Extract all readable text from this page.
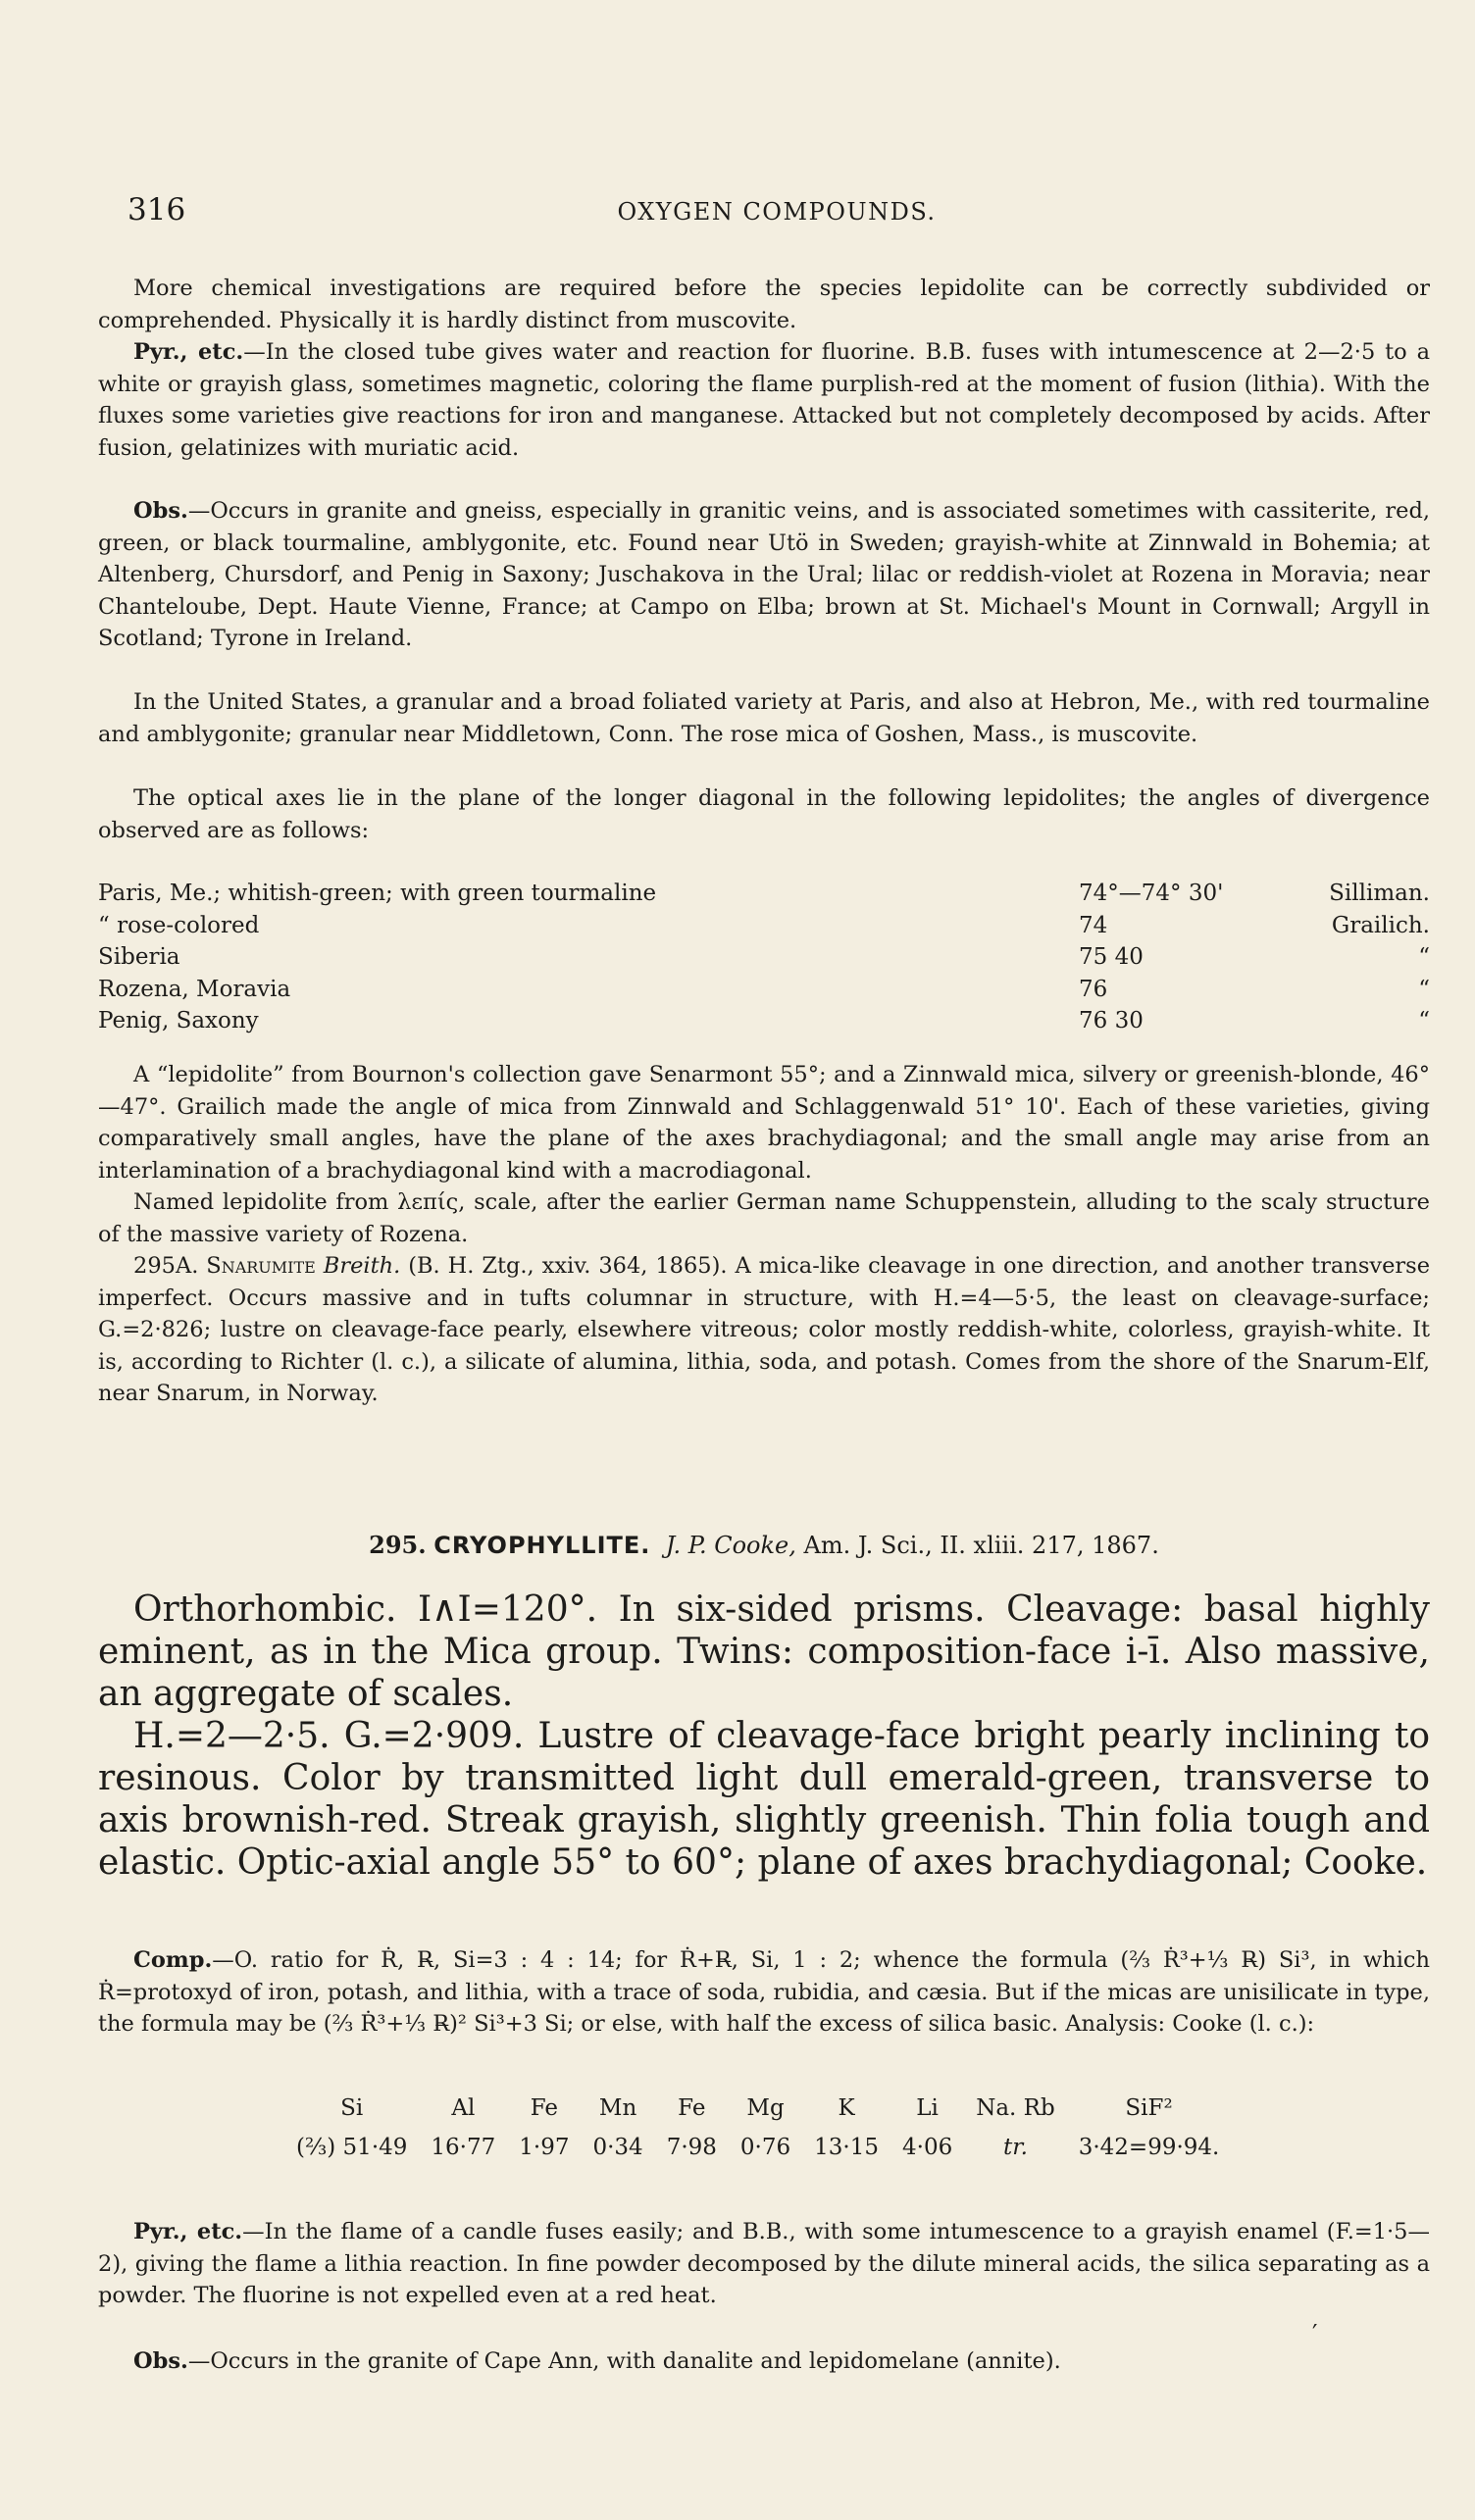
316	OXYGEN COMPOUNDS.

More chemical investigations are required before the species lepidolite can be correctly subdivided or comprehended. Physically it is hardly distinct from muscovite.

Pyr., etc.—In the closed tube gives water and reaction for fluorine. B.B. fuses with intumescence at 2—2·5 to a white or grayish glass, sometimes magnetic, coloring the flame purplish-red at the moment of fusion (lithia). With the fluxes some varieties give reactions for iron and manganese. Attacked but not completely decomposed by acids. After fusion, gelatinizes with muriatic acid.

Obs.—Occurs in granite and gneiss, especially in granitic veins, and is associated sometimes with cassiterite, red, green, or black tourmaline, amblygonite, etc. Found near Utö in Sweden; grayish-white at Zinnwald in Bohemia; at Altenberg, Chursdorf, and Penig in Saxony; Juschakova in the Ural; lilac or reddish-violet at Rozena in Moravia; near Chanteloube, Dept. Haute Vienne, France; at Campo on Elba; brown at St. Michael's Mount in Cornwall; Argyll in Scotland; Tyrone in Ireland.

In the United States, a granular and a broad foliated variety at Paris, and also at Hebron, Me., with red tourmaline and amblygonite; granular near Middletown, Conn. The rose mica of Goshen, Mass., is muscovite.

The optical axes lie in the plane of the longer diagonal in the following lepidolites; the angles of divergence observed are as follows:

Paris, Me.; whitish-green; with green tourmaline	74°—74° 30'	Silliman.
“ rose-colored	74	Grailich.
Siberia	75 40	“
Rozena, Moravia	76	“
Penig, Saxony	76 30	“

A “lepidolite” from Bournon's collection gave Senarmont 55°; and a Zinnwald mica, silvery or greenish-blonde, 46°—47°. Grailich made the angle of mica from Zinnwald and Schlaggenwald 51° 10'. Each of these varieties, giving comparatively small angles, have the plane of the axes brachydiagonal; and the small angle may arise from an interlamination of a brachydiagonal kind with a macrodiagonal.

Named lepidolite from λεπίς, scale, after the earlier German name Schuppenstein, alluding to the scaly structure of the massive variety of Rozena.

295A. Snarumite Breith. (B. H. Ztg., xxiv. 364, 1865). A mica-like cleavage in one direction, and another transverse imperfect. Occurs massive and in tufts columnar in structure, with H.=4—5·5, the least on cleavage-surface; G.=2·826; lustre on cleavage-face pearly, elsewhere vitreous; color mostly reddish-white, colorless, grayish-white. It is, according to Richter (l. c.), a silicate of alumina, lithia, soda, and potash. Comes from the shore of the Snarum-Elf, near Snarum, in Norway.

295. CRYOPHYLLITE. J. P. Cooke, Am. J. Sci., II. xliii. 217, 1867.

Orthorhombic. I∧I=120°. In six-sided prisms. Cleavage: basal highly eminent, as in the Mica group. Twins: composition-face i-ī. Also massive, an aggregate of scales.

H.=2—2·5. G.=2·909. Lustre of cleavage-face bright pearly inclining to resinous. Color by transmitted light dull emerald-green, transverse to axis brownish-red. Streak grayish, slightly greenish. Thin folia tough and elastic. Optic-axial angle 55° to 60°; plane of axes brachydiagonal; Cooke.

Comp.—O. ratio for Ṙ, R̶, Si=3 : 4 : 14; for Ṙ+R̶, Si, 1 : 2; whence the formula (⅔ Ṙ³+⅓ R̶) Si³, in which Ṙ=protoxyd of iron, potash, and lithia, with a trace of soda, rubidia, and cæsia. But if the micas are unisilicate in type, the formula may be (⅔ Ṙ³+⅓ R̶)² Si³+3 Si; or else, with half the excess of silica basic. Analysis: Cooke (l. c.):

Si	Al	Fe	Mn	Fe	Mg	K	Li	Na. Rb	SiF²
(⅔) 51·49	16·77	1·97	0·34	7·98	0·76	13·15	4·06	tr.	3·42=99·94.

Pyr., etc.—In the flame of a candle fuses easily; and B.B., with some intumescence to a grayish enamel (F.=1·5—2), giving the flame a lithia reaction. In fine powder decomposed by the dilute mineral acids, the silica separating as a powder. The fluorine is not expelled even at a red heat.

Obs.—Occurs in the granite of Cape Ann, with danalite and lepidomelane (annite).

′
